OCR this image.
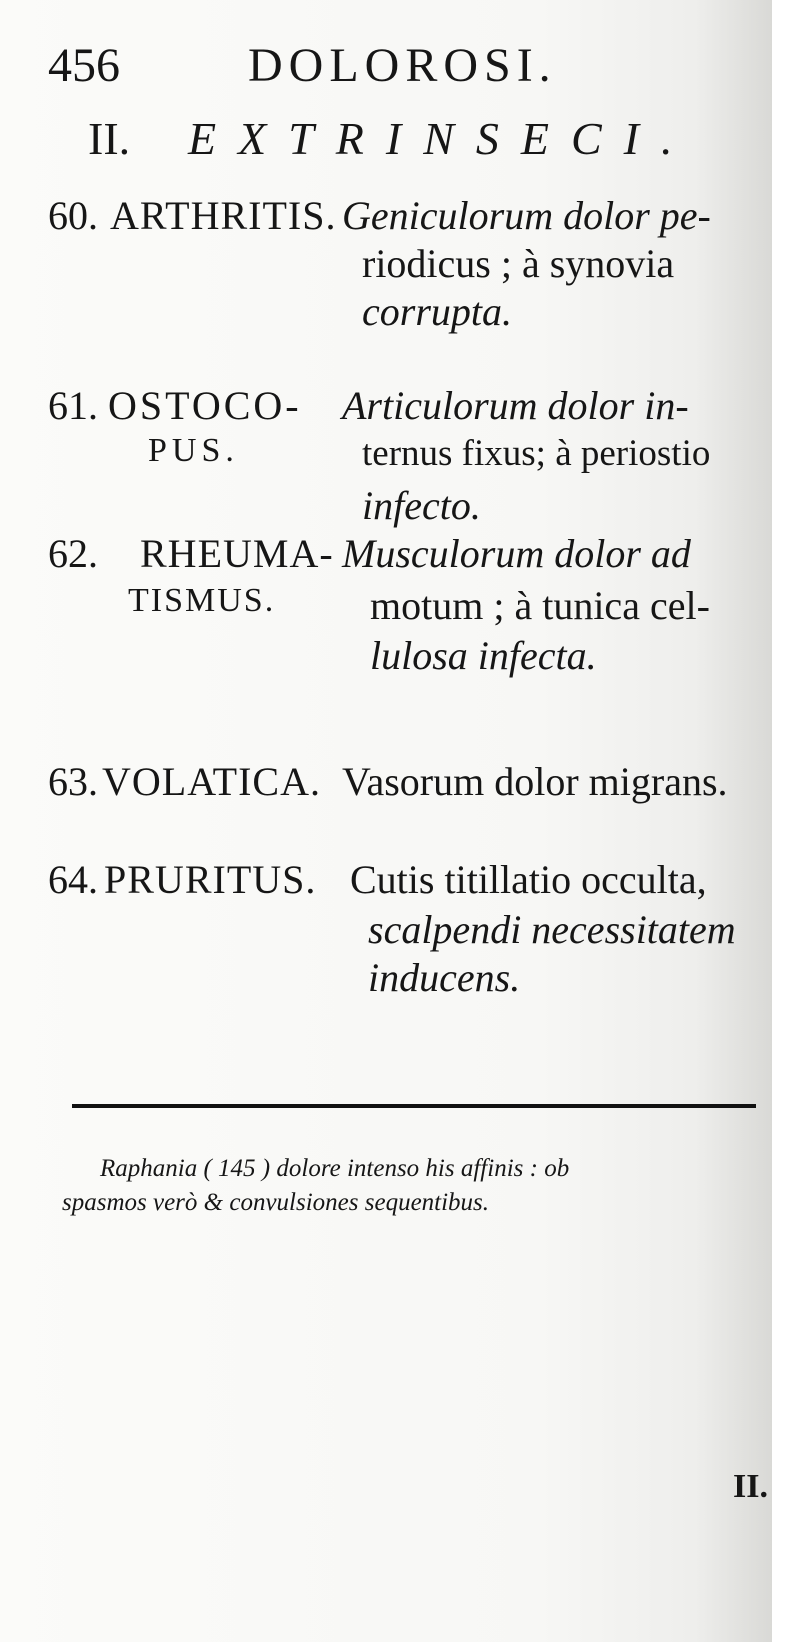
456	DOLOROSI.
II. EXTRINSECI.
60. ARTHRITIS. Geniculorum dolor pe-
riodicus ; à synovia
corrupta.
61. OSTOCO-
PUS.
Articulorum dolor in-
ternus fixus; à periostio
infecto.
62. RHEUMA-
TISMUS.
Musculorum dolor ad
motum ; à tunica cel-
lulosa infecta.
63. VOLATICA. Vasorum dolor migrans.
64. PRURITUS. Cutis titillatio occulta,
scalpendi necessitatem
inducens.
Raphania ( 145 ) dolore intenso his affinis : ob
spasmos verò & convulsiones sequentibus.
II.
